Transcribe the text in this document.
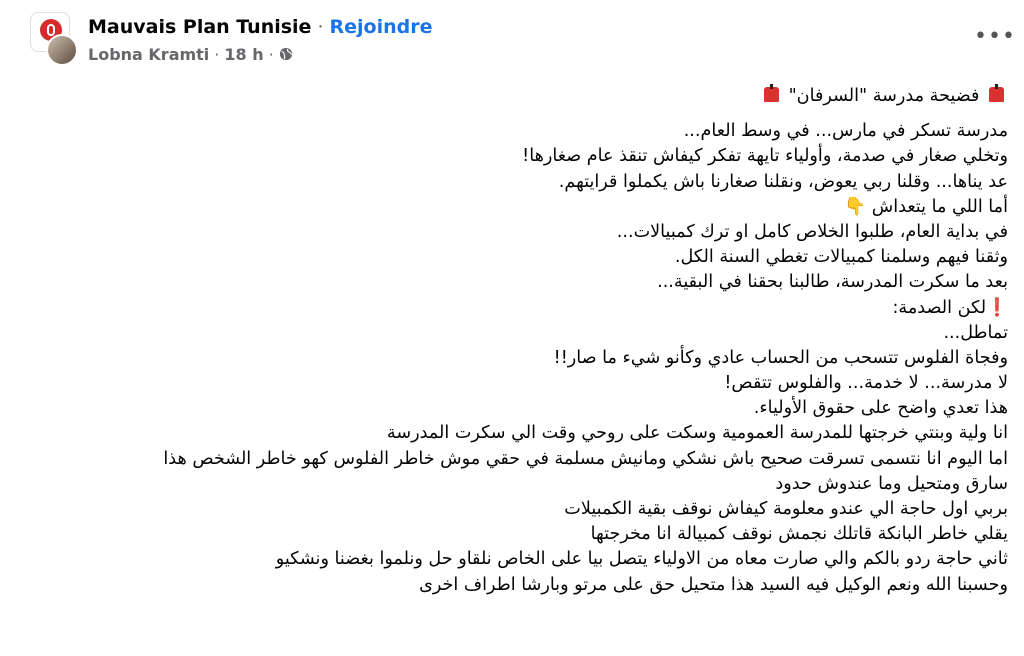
Mauvais Plan Tunisie · Rejoindre
Lobna Kramti · 18 h ·
•••
فضيحة مدرسة "السرفان"
مدرسة تسكر في مارس... في وسط العام...
وتخلي صغار في صدمة، وأولياء تايهة تفكر كيفاش تنقذ عام صغارها!
عد يناها... وقلنا ربي يعوض، ونقلنا صغارنا باش يكملوا قرايتهم.
أما اللي ما يتعداش 👇
في بداية العام، طلبوا الخلاص كامل او ترك كمبيالات...
وثقنا فيهم وسلمنا كمبيالات تغطي السنة الكل.
بعد ما سكرت المدرسة، طالبنا بحقنا في البقية...
❗لكن الصدمة:
تماطل...
وفجاة الفلوس تتسحب من الحساب عادي وكأنو شيء ما صار!!
لا مدرسة... لا خدمة... والفلوس تتقص!
هذا تعدي واضح على حقوق الأولياء.
انا ولية وبنتي خرجتها للمدرسة العمومية وسكت على روحي وقت الي سكرت المدرسة
اما اليوم انا نتسمى تسرقت صحيح باش نشكي ومانيش مسلمة في حقي موش خاطر الفلوس كهو خاطر الشخص هذا
سارق ومتحيل وما عندوش حدود
بربي اول حاجة الي عندو معلومة كيفاش نوقف بقية الكمبيلات
يقلي خاطر البانكة قاتلك نجمش نوقف كمبيالة انا مخرجتها
ثاني حاجة ردو بالكم والي صارت معاه من الاولياء يتصل بيا على الخاص نلقاو حل ونلموا بغضنا ونشكيو
وحسبنا الله ونعم الوكيل فيه السيد هذا متحيل حق على مرتو وبارشا اطراف اخرى
